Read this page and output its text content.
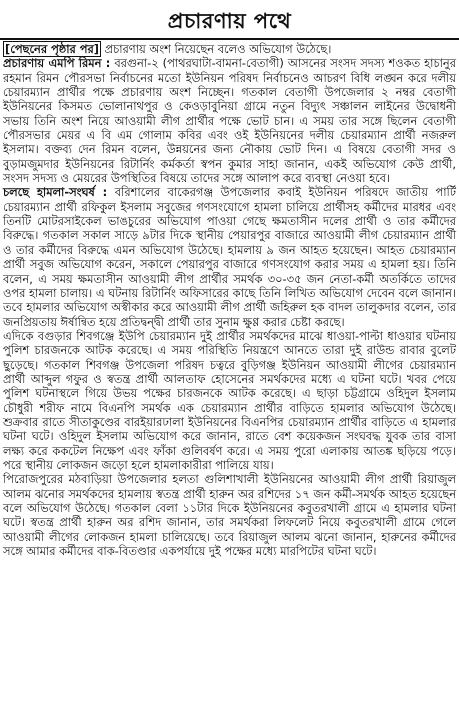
প্রচারণায় পথে

[পেছনের পৃষ্ঠার পর] প্রচারণায় অংশ নিয়েছেন বলেও অভিযোগ উঠেছে।

প্রচারণায় এমপি রিমন : বরগুনা-২ (পাথরঘাটা-বামনা-বেতাগী) আসনের সংসদ সদস্য শওকত হাচানুর রহমান রিমন পৌরসভা নির্বাচনের মতো ইউনিয়ন পরিষদ নির্বাচনেও আচরণ বিধি লঙ্ঘন করে দলীয় চেয়ারম্যান প্রার্থীর পক্ষে প্রচারণায় অংশ নিচ্ছেন। গতকাল বেতাগী উপজেলার ২ নম্বর বেতাগী ইউনিয়নের কিসমত ভোলানাথপুর ও কেওড়াবুনিয়া গ্রামে নতুন বিদ্যুৎ সঞ্চালন লাইনের উদ্বোধনী সভায় তিনি অংশ নিয়ে আওয়ামী লীগ প্রার্থীর পক্ষে ভোট চান। এ সময় তার সঙ্গে ছিলেন বেতাগী পৌরসভার মেয়র এ বি এম গোলাম কবির এবং ওই ইউনিয়নের দলীয় চেয়ারম্যান প্রার্থী নজরুল ইসলাম। বক্তব্য দেন রিমন বলেন, উন্নয়নের জন্য নৌকায় ভোট দিন। এ বিষয়ে বেতাগী সদর ও বুড়ামজুমদার ইউনিয়নের রিটার্নিং কর্মকর্তা স্বপন কুমার সাহা জানান, একই অভিযোগ কেউ প্রার্থী, সংসদ সদস্য ও মেয়রের উপস্থিতির বিষয়ে তাদের সঙ্গে আলাপ করে ব্যবস্থা নেওয়া হবে।

চলছে হামলা-সংঘর্ষ : বরিশালের বাকেরগঞ্জ উপজেলার কবাই ইউনিয়ন পরিষদে জাতীয় পার্টি চেয়ারম্যান প্রার্থী রফিকুল ইসলাম সবুজের গণসংযোগে হামলা চালিয়ে প্রার্থীসহ কর্মীদের মারধর এবং তিনটি মোটরসাইকেল ভাঙচুরের অভিযোগ পাওয়া গেছে ক্ষমতাসীন দলের প্রার্থী ও তার কর্মীদের বিরুদ্ধে। গতকাল সকাল সাড়ে ৯টার দিকে স্থানীয় পেয়ারপুর বাজারে আওয়ামী লীগ চেয়ারম্যান প্রার্থী ও তার কর্মীদের বিরুদ্ধে এমন অভিযোগ উঠেছে। হামলায় ৯ জন আহত হয়েছেন। আহত চেয়ারম্যান প্রার্থী সবুজ অভিযোগ করেন, সকালে পেয়ারপুর বাজারে গণসংযোগ করার সময় এ হামলা হয়। তিনি বলেন, এ সময় ক্ষমতাসীন আওয়ামী লীগ প্রার্থীর সমর্থক ৩০-৩৫ জন নেতা-কর্মী অতর্কিতে তাদের ওপর হামলা চালায়। এ ঘটনায় রিটার্নিং অফিসারের কাছে তিনি লিখিত অভিযোগ দেবেন বলে জানান। তবে হামলার অভিযোগ অস্বীকার করে আওয়ামী লীগ প্রার্থী জহিরুল হক বাদল তালুকদার বলেন, তার জনপ্রিয়তায় ঈর্ষান্বিত হয়ে প্রতিদ্বন্দ্বী প্রার্থী তার সুনাম ক্ষুণ্ণ করার চেষ্টা করছে।

এদিকে বগুড়ার শিবগঞ্জে ইউপি চেয়ারম্যান দুই প্রার্থীর সমর্থকদের মাঝে ধাওয়া-পাল্টা ধাওয়ার ঘটনায় পুলিশ চারজনকে আটক করেছে। এ সময় পরিস্থিতি নিয়ন্ত্রণে আনতে তারা দুই রাউন্ড রাবার বুলেট ছুড়েছে। গতকাল শিবগঞ্জ উপজেলা পরিষদ চত্বরে বুড়িগঞ্জ ইউনিয়ন আওয়ামী লীগের চেয়ারম্যান প্রার্থী আব্দুল গফুর ও স্বতন্ত্র প্রার্থী আলতাফ হোসেনের সমর্থকদের মধ্যে এ ঘটনা ঘটে। খবর পেয়ে পুলিশ ঘটনাস্থলে গিয়ে উভয় পক্ষের চারজনকে আটক করেছে। এ ছাড়া চট্টগ্রামে ওহিদুল ইসলাম চৌধুরী শরীফ নামে বিএনপি সমর্থক এক চেয়ারম্যান প্রার্থীর বাড়িতে হামলার অভিযোগ উঠেছে। শুক্রবার রাতে সীতাকুণ্ডের বারইয়ারঢালা ইউনিয়নের বিএনপির চেয়ারম্যান প্রার্থীর বাড়িতে এ হামলার ঘটনা ঘটে। ওহিদুল ইসলাম অভিযোগ করে জানান, রাতে বেশ কয়েকজন সংঘবদ্ধ যুবক তার বাসা লক্ষ্য করে ককটেল নিক্ষেপ এবং ফাঁকা গুলিবর্ষণ করে। এ সময় পুরো এলাকায় আতঙ্ক ছড়িয়ে পড়ে। পরে স্থানীয় লোকজন জড়ো হলে হামলাকারীরা পালিয়ে যায়।

পিরোজপুরের মঠবাড়িয়া উপজেলার হলতা গুলিশাখালী ইউনিয়নের আওয়ামী লীগ প্রার্থী রিয়াজুল আলম ঝনোর সমর্থকদের হামলায় স্বতন্ত্র প্রার্থী হারুন অর রশিদের ১৭ জন কর্মী-সমর্থক আহত হয়েছেন বলে অভিযোগ উঠেছে। গতকাল বেলা ১১টার দিকে ইউনিয়নের কবুতরখালী গ্রামে এ হামলার ঘটনা ঘটে। স্বতন্ত্র প্রার্থী হারুন অর রশিদ জানান, তার সমর্থকরা লিফলেট নিয়ে কবুতরখালী গ্রামে গেলে আওয়ামী লীগের লোকজন হামলা চালিয়েছে। তবে রিয়াজুল আলম ঝনো জানান, হারুনের কর্মীদের সঙ্গে আমার কর্মীদের বাক-বিতণ্ডার একপর্যায়ে দুই পক্ষের মধ্যে মারপিটের ঘটনা ঘটে।
